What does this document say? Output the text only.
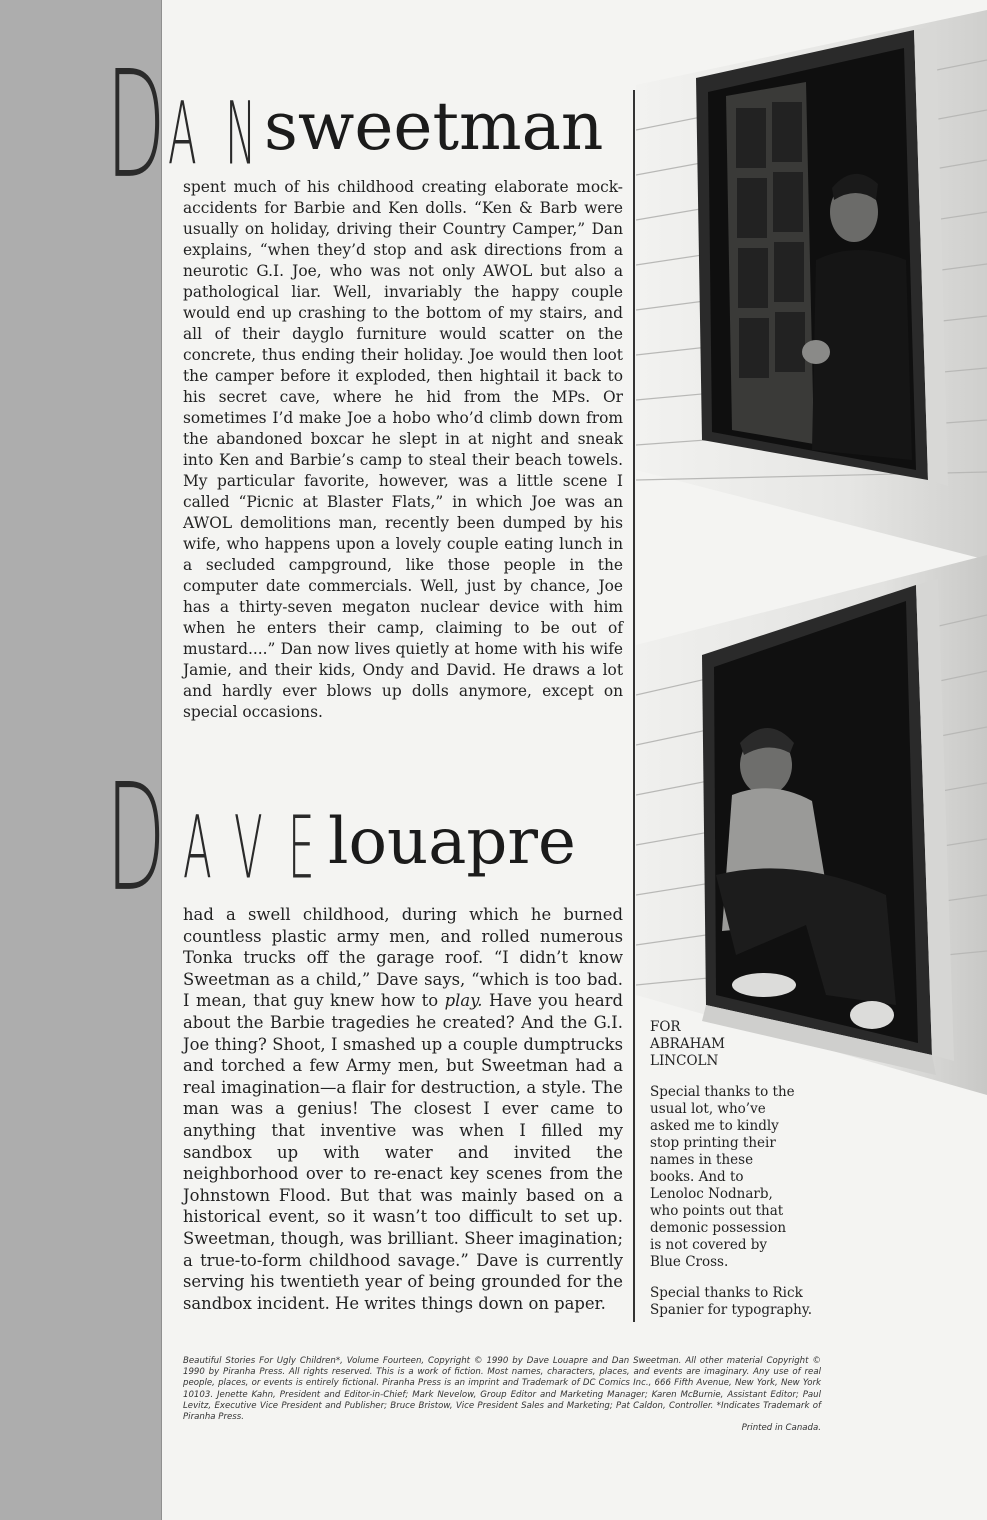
D A N sweetman
spent much of his childhood creating elaborate mock-accidents for Barbie and Ken dolls. “Ken & Barb were usually on holiday, driving their Country Camper,” Dan explains, “when they’d stop and ask directions from a neurotic G.I. Joe, who was not only AWOL but also a pathological liar. Well, invariably the happy couple would end up crashing to the bottom of my stairs, and all of their dayglo furniture would scatter on the concrete, thus ending their holiday. Joe would then loot the camper before it exploded, then hightail it back to his secret cave, where he hid from the MPs. Or sometimes I’d make Joe a hobo who’d climb down from the abandoned boxcar he slept in at night and sneak into Ken and Barbie’s camp to steal their beach towels. My particular favorite, however, was a little scene I called “Picnic at Blaster Flats,” in which Joe was an AWOL demolitions man, recently been dumped by his wife, who happens upon a lovely couple eating lunch in a secluded campground, like those people in the computer date commercials. Well, just by chance, Joe has a thirty-seven megaton nuclear device with him when he enters their camp, claiming to be out of mustard....” Dan now lives quietly at home with his wife Jamie, and their kids, Ondy and David. He draws a lot and hardly ever blows up dolls anymore, except on special occasions.
D A V E louapre
had a swell childhood, during which he burned countless plastic army men, and rolled numerous Tonka trucks off the garage roof. “I didn’t know Sweetman as a child,” Dave says, “which is too bad. I mean, that guy knew how to play. Have you heard about the Barbie tragedies he created? And the G.I. Joe thing? Shoot, I smashed up a couple dumptrucks and torched a few Army men, but Sweetman had a real imagination—a flair for destruction, a style. The man was a genius! The closest I ever came to anything that inventive was when I filled my sandbox up with water and invited the neighborhood over to re-enact key scenes from the Johnstown Flood. But that was mainly based on a historical event, so it wasn’t too difficult to set up. Sweetman, though, was brilliant. Sheer imagination; a true-to-form childhood savage.” Dave is currently serving his twentieth year of being grounded for the sandbox incident. He writes things down on paper.

FOR ABRAHAM LINCOLN

Special thanks to the usual lot, who’ve asked me to kindly stop printing their names in these books. And to Lenoloc Nodnarb, who points out that demonic possession is not covered by Blue Cross.

Special thanks to Rick Spanier for typography.

Beautiful Stories For Ugly Children*, Volume Fourteen, Copyright © 1990 by Dave Louapre and Dan Sweetman. All other material Copyright © 1990 by Piranha Press. All rights reserved. This is a work of fiction. Most names, characters, places, and events are imaginary. Any use of real people, places, or events is entirely fictional. Piranha Press is an imprint and Trademark of DC Comics Inc., 666 Fifth Avenue, New York, New York 10103. Jenette Kahn, President and Editor-in-Chief; Mark Nevelow, Group Editor and Marketing Manager; Karen McBurnie, Assistant Editor; Paul Levitz, Executive Vice President and Publisher; Bruce Bristow, Vice President Sales and Marketing; Pat Caldon, Controller. *Indicates Trademark of Piranha Press.
Printed in Canada.
